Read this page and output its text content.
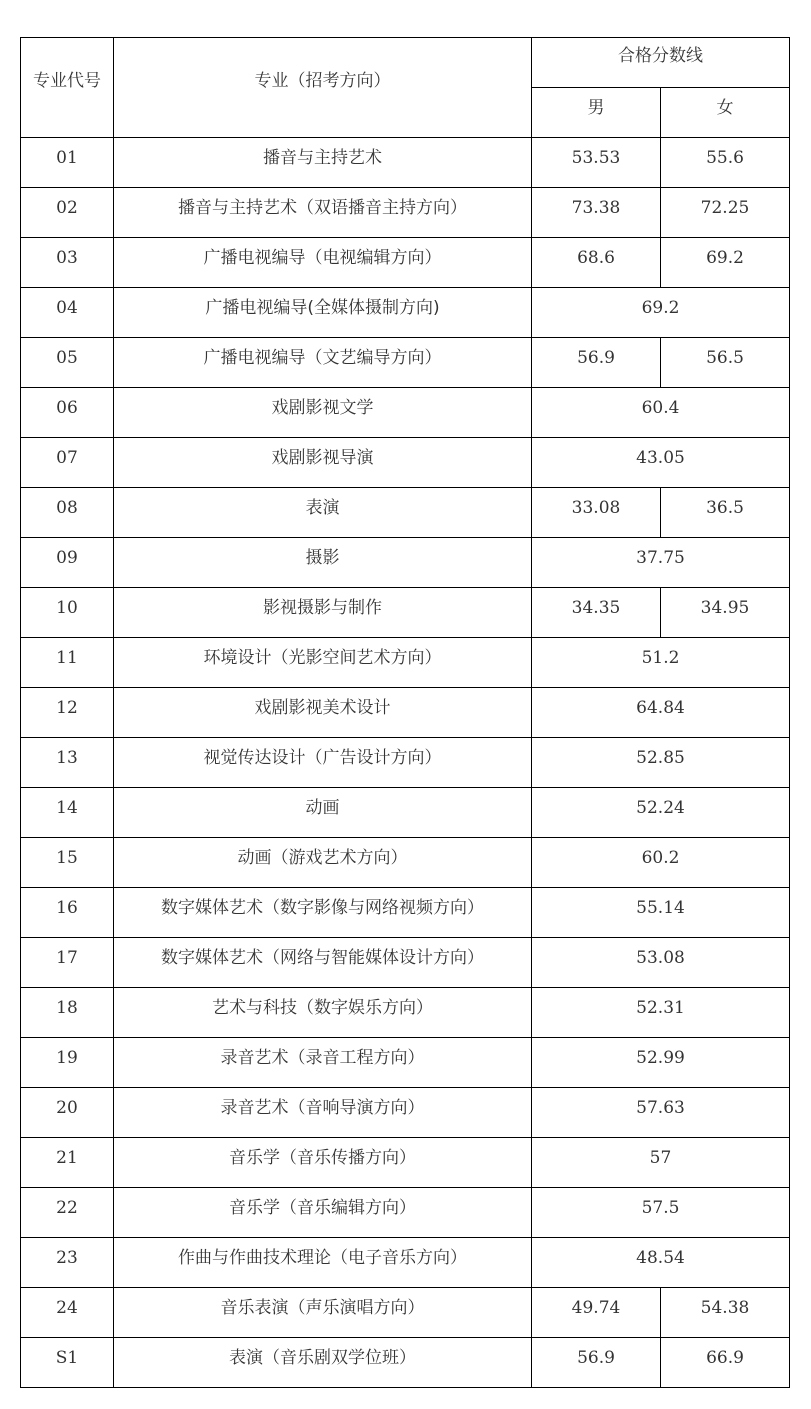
专业代号	专业（招考方向）	合格分数线	
		男	女
01	播音与主持艺术	53.53	55.6
02	播音与主持艺术（双语播音主持方向）	73.38	72.25
03	广播电视编导（电视编辑方向）	68.6	69.2
04	广播电视编导(全媒体摄制方向)	69.2	
05	广播电视编导（文艺编导方向）	56.9	56.5
06	戏剧影视文学	60.4	
07	戏剧影视导演	43.05	
08	表演	33.08	36.5
09	摄影	37.75	
10	影视摄影与制作	34.35	34.95
11	环境设计（光影空间艺术方向）	51.2	
12	戏剧影视美术设计	64.84	
13	视觉传达设计（广告设计方向）	52.85	
14	动画	52.24	
15	动画（游戏艺术方向）	60.2	
16	数字媒体艺术（数字影像与网络视频方向）	55.14	
17	数字媒体艺术（网络与智能媒体设计方向）	53.08	
18	艺术与科技（数字娱乐方向）	52.31	
19	录音艺术（录音工程方向）	52.99	
20	录音艺术（音响导演方向）	57.63	
21	音乐学（音乐传播方向）	57	
22	音乐学（音乐编辑方向）	57.5	
23	作曲与作曲技术理论（电子音乐方向）	48.54	
24	音乐表演（声乐演唱方向）	49.74	54.38
S1	表演（音乐剧双学位班）	56.9	66.9
